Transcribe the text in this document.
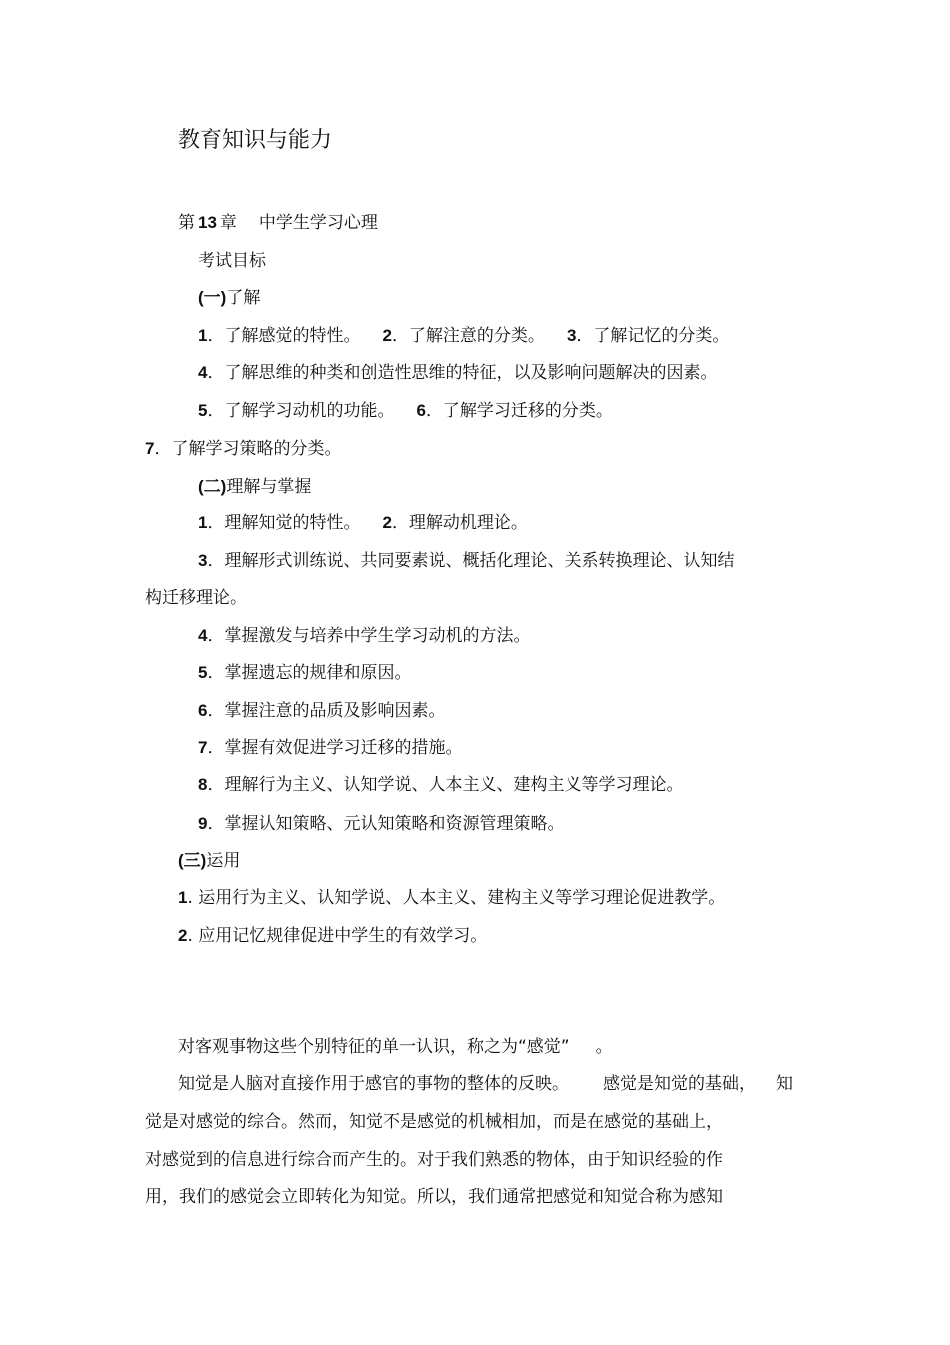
教育知识与能力
第 13 章 中学生学习心理
考试目标
(一)了解
1．了解感觉的特性。 2．了解注意的分类。 3．了解记忆的分类。
4．了解思维的种类和创造性思维的特征，以及影响问题解决的因素。
5．了解学习动机的功能。 6．了解学习迁移的分类。
7．了解学习策略的分类。
(二)理解与掌握
1．理解知觉的特性。 2．理解动机理论。
3．理解形式训练说、共同要素说、概括化理论、关系转换理论、认知结
构迁移理论。
4．掌握激发与培养中学生学习动机的方法。
5．掌握遗忘的规律和原因。
6．掌握注意的品质及影响因素。
7．掌握有效促进学习迁移的措施。
8．理解行为主义、认知学说、人本主义、建构主义等学习理论。
9．掌握认知策略、元认知策略和资源管理策略。
(三)运用
1. 运用行为主义、认知学说、人本主义、建构主义等学习理论促进教学。
2. 应用记忆规律促进中学生的有效学习。
对客观事物这些个别特征的单一认识，称之为“感觉” 。
知觉是人脑对直接作用于感官的事物的整体的反映。 感觉是知觉的基础， 知
觉是对感觉的综合。然而，知觉不是感觉的机械相加，而是在感觉的基础上，
对感觉到的信息进行综合而产生的。对于我们熟悉的物体，由于知识经验的作
用，我们的感觉会立即转化为知觉。所以，我们通常把感觉和知觉合称为感知
